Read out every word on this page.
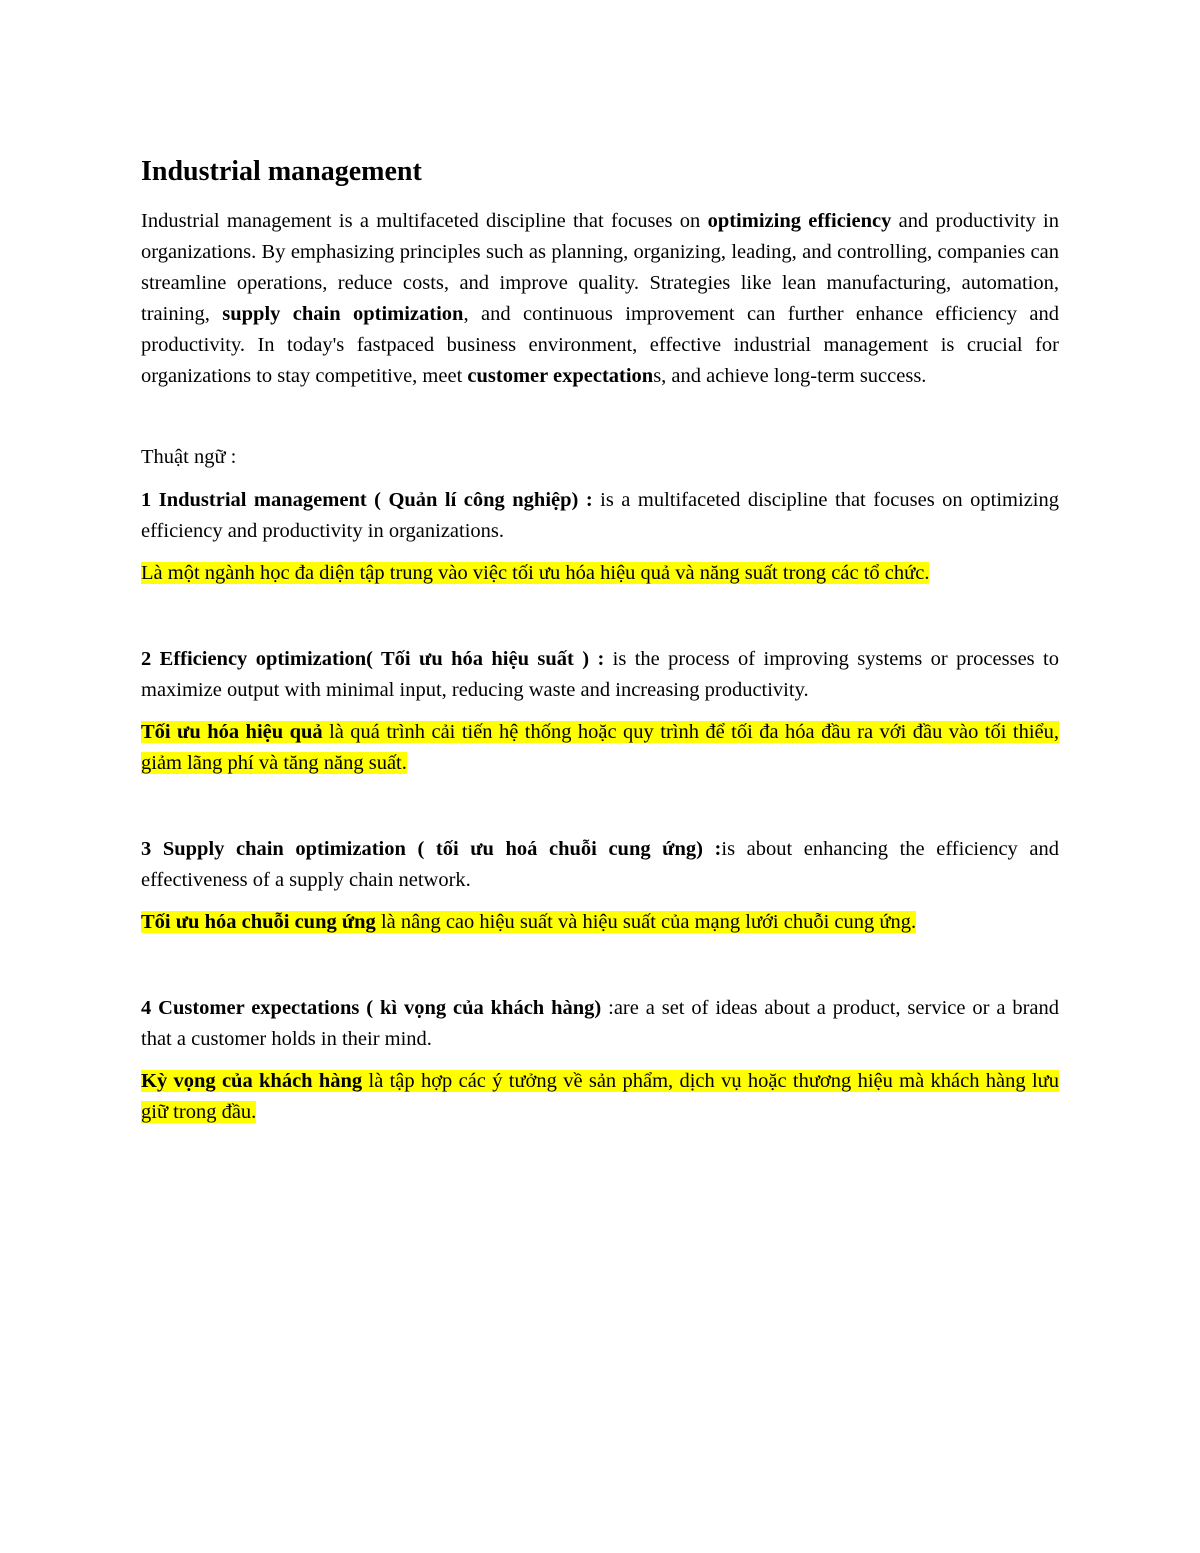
Industrial management

Industrial management is a multifaceted discipline that focuses on optimizing efficiency and productivity in organizations. By emphasizing principles such as planning, organizing, leading, and controlling, companies can streamline operations, reduce costs, and improve quality. Strategies like lean manufacturing, automation, training, supply chain optimization, and continuous improvement can further enhance efficiency and productivity. In today's fastpaced business environment, effective industrial management is crucial for organizations to stay competitive, meet customer expectations, and achieve long-term success.

Thuật ngữ :

1 Industrial management ( Quản lí công nghiệp) : is a multifaceted discipline that focuses on optimizing efficiency and productivity in organizations.

Là một ngành học đa diện tập trung vào việc tối ưu hóa hiệu quả và năng suất trong các tổ chức.

2 Efficiency optimization( Tối ưu hóa hiệu suất ) : is the process of improving systems or processes to maximize output with minimal input, reducing waste and increasing productivity.

Tối ưu hóa hiệu quả là quá trình cải tiến hệ thống hoặc quy trình để tối đa hóa đầu ra với đầu vào tối thiểu, giảm lãng phí và tăng năng suất.

3 Supply chain optimization ( tối ưu hoá chuỗi cung ứng) :is about enhancing the efficiency and effectiveness of a supply chain network.

Tối ưu hóa chuỗi cung ứng là nâng cao hiệu suất và hiệu suất của mạng lưới chuỗi cung ứng.

4 Customer expectations ( kì vọng của khách hàng) :are a set of ideas about a product, service or a brand that a customer holds in their mind.

Kỳ vọng của khách hàng là tập hợp các ý tưởng về sản phẩm, dịch vụ hoặc thương hiệu mà khách hàng lưu giữ trong đầu.
